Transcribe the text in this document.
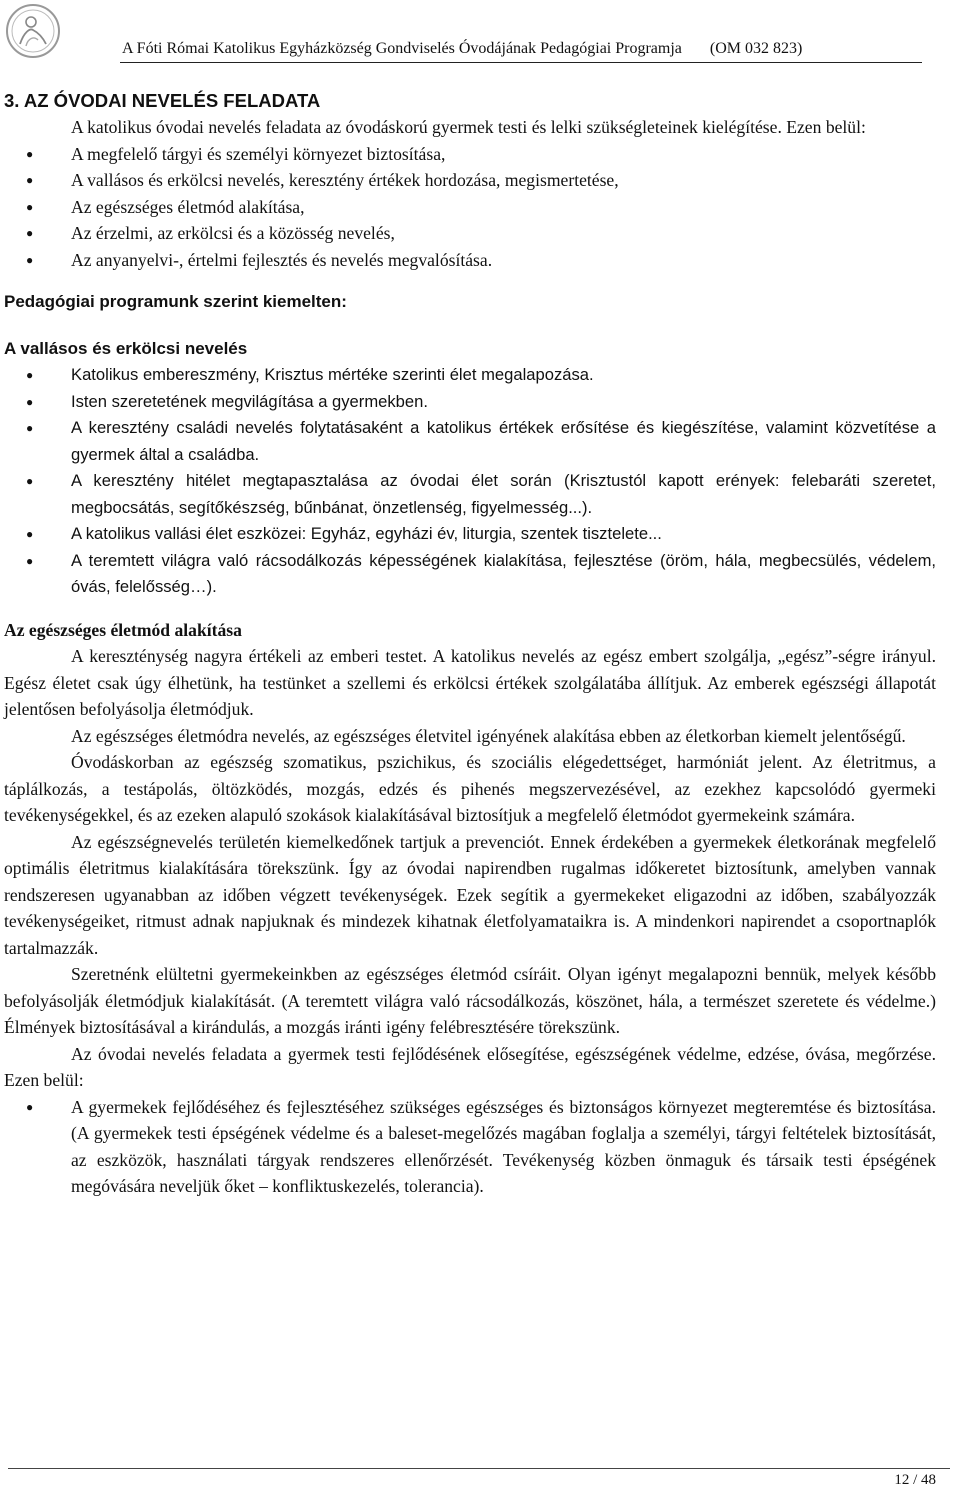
A Fóti Római Katolikus Egyházközség Gondviselés Óvodájának Pedagógiai Programja (OM 032 823)
3. AZ ÓVODAI NEVELÉS FELADATA

A katolikus óvodai nevelés feladata az óvodáskorú gyermek testi és lelki szükségleteinek kielégítése. Ezen belül:

● A megfelelő tárgyi és személyi környezet biztosítása,
● A vallásos és erkölcsi nevelés, keresztény értékek hordozása, megismertetése,
● Az egészséges életmód alakítása,
● Az érzelmi, az erkölcsi és a közösség nevelés,
● Az anyanyelvi-, értelmi fejlesztés és nevelés megvalósítása.

Pedagógiai programunk szerint kiemelten:

A vallásos és erkölcsi nevelés

● Katolikus embereszmény, Krisztus mértéke szerinti élet megalapozása.
● Isten szeretetének megvilágítása a gyermekben.
● A keresztény családi nevelés folytatásaként a katolikus értékek erősítése és kiegészítése, valamint közvetítése a gyermek által a családba.
● A keresztény hitélet megtapasztalása az óvodai élet során (Krisztustól kapott erények: felebaráti szeretet, megbocsátás, segítőkészség, bűnbánat, önzetlenség, figyelmesség...).
● A katolikus vallási élet eszközei: Egyház, egyházi év, liturgia, szentek tisztelete...
● A teremtett világra való rácsodálkozás képességének kialakítása, fejlesztése (öröm, hála, megbecsülés, védelem, óvás, felelősség…).

Az egészséges életmód alakítása

A kereszténység nagyra értékeli az emberi testet. A katolikus nevelés az egész embert szolgálja, „egész”-ségre irányul. Egész életet csak úgy élhetünk, ha testünket a szellemi és erkölcsi értékek szolgálatába állítjuk. Az emberek egészségi állapotát jelentősen befolyásolja életmódjuk.

Az egészséges életmódra nevelés, az egészséges életvitel igényének alakítása ebben az életkorban kiemelt jelentőségű.

Óvodáskorban az egészség szomatikus, pszichikus, és szociális elégedettséget, harmóniát jelent. Az életritmus, a táplálkozás, a testápolás, öltözködés, mozgás, edzés és pihenés megszervezésével, az ezekhez kapcsolódó gyermeki tevékenységekkel, és az ezeken alapuló szokások kialakításával biztosítjuk a megfelelő életmódot gyermekeink számára.

Az egészségnevelés területén kiemelkedőnek tartjuk a prevenciót. Ennek érdekében a gyermekek életkorának megfelelő optimális életritmus kialakítására törekszünk. Így az óvodai napirendben rugalmas időkeretet biztosítunk, amelyben vannak rendszeresen ugyanabban az időben végzett tevékenységek. Ezek segítik a gyermekeket eligazodni az időben, szabályozzák tevékenységeiket, ritmust adnak napjuknak és mindezek kihatnak életfolyamataikra is. A mindenkori napirendet a csoportnaplók tartalmazzák.

Szeretnénk elültetni gyermekeinkben az egészséges életmód csíráit. Olyan igényt megalapozni bennük, melyek később befolyásolják életmódjuk kialakítását. (A teremtett világra való rácsodálkozás, köszönet, hála, a természet szeretete és védelme.) Élmények biztosításával a kirándulás, a mozgás iránti igény felébresztésére törekszünk.

Az óvodai nevelés feladata a gyermek testi fejlődésének elősegítése, egészségének védelme, edzése, óvása, megőrzése. Ezen belül:

● A gyermekek fejlődéséhez és fejlesztéséhez szükséges egészséges és biztonságos környezet megteremtése és biztosítása. (A gyermekek testi épségének védelme és a baleset-megelőzés magában foglalja a személyi, tárgyi feltételek biztosítását, az eszközök, használati tárgyak rendszeres ellenőrzését. Tevékenység közben önmaguk és társaik testi épségének megóvására neveljük őket – konfliktuskezelés, tolerancia).
12 / 48
